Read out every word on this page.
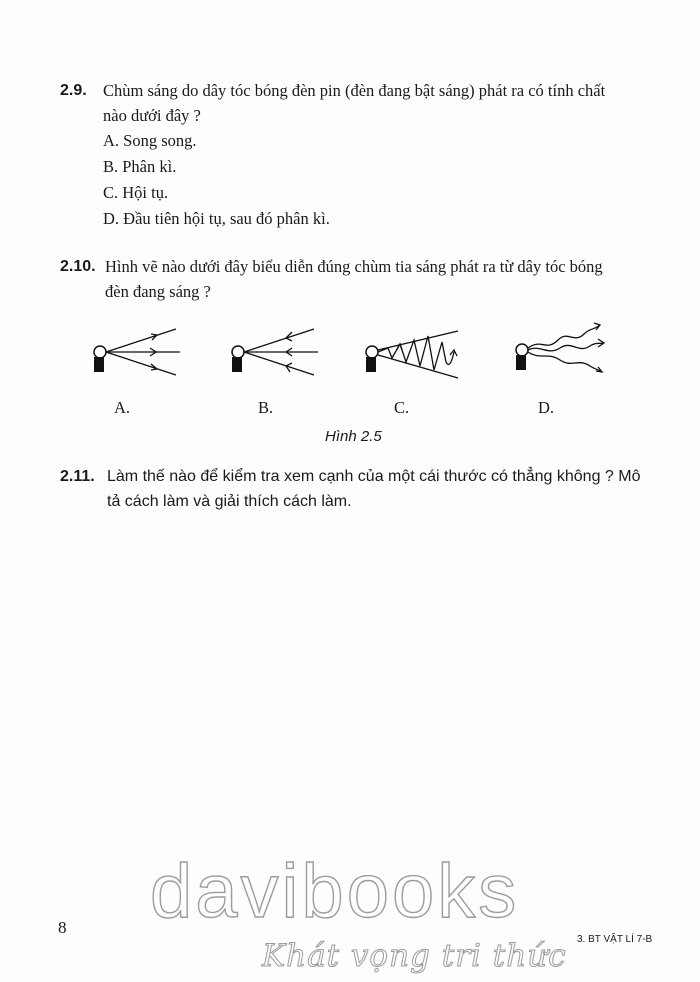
2.9. Chùm sáng do dây tóc bóng đèn pin (đèn đang bật sáng) phát ra có tính chất
nào dưới đây ?
A. Song song.
B. Phân kì.
C. Hội tụ.
D. Đầu tiên hội tụ, sau đó phân kì.
2.10. Hình vẽ nào dưới đây biểu diễn đúng chùm tia sáng phát ra từ dây tóc bóng
đèn đang sáng ?
A.	B.	C.	D.
Hình 2.5
2.11. Làm thế nào để kiểm tra xem cạnh của một cái thước có thẳng không ? Mô
tả cách làm và giải thích cách làm.
davibooks
Khát vọng tri thức
8
3. BT VẬT LÍ 7-B
